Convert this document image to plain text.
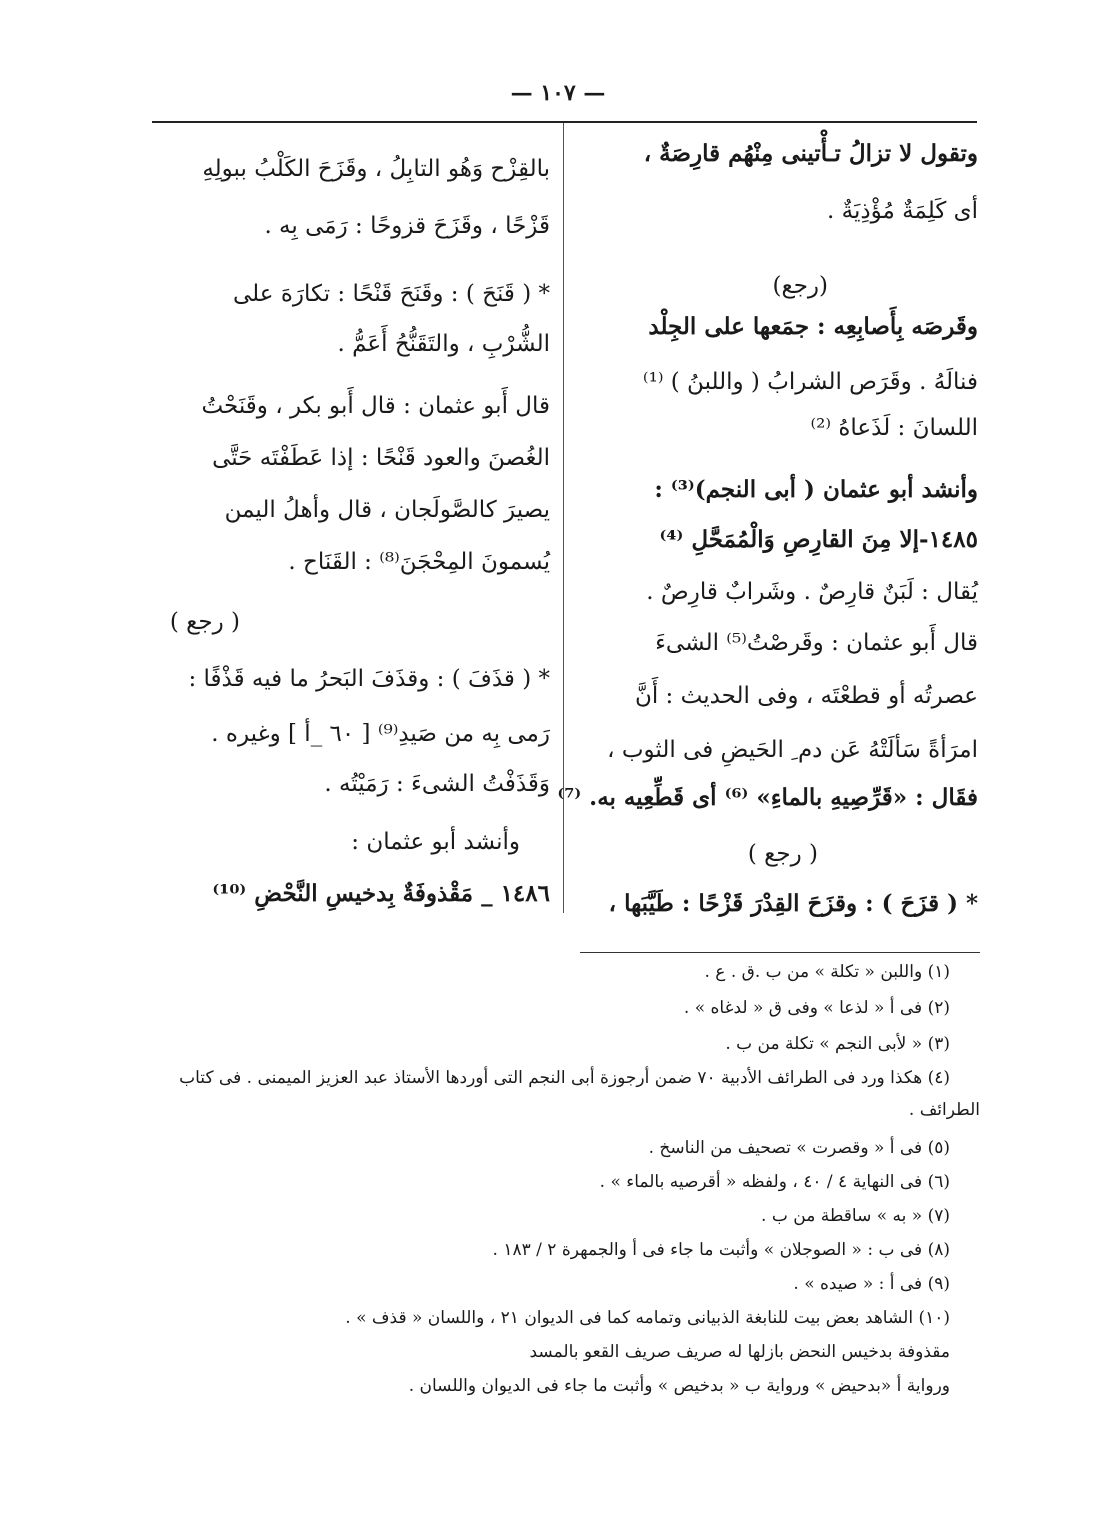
— ١٠٧ —
وتقول لا تزالُ تـأْتينى مِنْهُم قارِصَةٌ ،
أى كَلِمَةٌ مُؤْذِيَةٌ .
(رجع)
وقَرصَه بِأَصابِعِه : جمَعها على الجِلْد
فنالَهُ . وقَرَص الشرابُ ( واللبنُ ) ⁽¹⁾
اللسانَ : لَذَعاهُ ⁽²⁾
وأنشد أبو عثمان ( أبى النجم)⁽³⁾ :
١٤٨٥-إلا مِنَ القارِصِ وَالْمُمَحَّلِ ⁽⁴⁾
يُقال : لَبَنٌ قارِصٌ . وشَرابٌ قارِصٌ .
قال أَبو عثمان : وقَرصْتُ⁽⁵⁾ الشىءَ
عصرتُه أو قطعْتَه ، وفى الحديث : أَنَّ
امرَأةً سَألَتْهُ عَن دم ِ الحَيضِ فى الثوب ،
فقَال : «قَرِّصِيهِ بالماءِ» ⁽⁶⁾ أى قَطِّعِيه به. ⁽⁷⁾
( رجع )
* ( قزَحَ ) : وقزَحَ القِدْرَ قَزْحًا : طَيَّبَها ،
بالقِزْح وَهُو التابِلُ ، وقَزَحَ الكَلْبُ ببولِهِ
قَزْحًا ، وقَزَحَ قزوحًا : رَمَى بِه .
* ( قَنَحَ ) : وقَنَحَ قَنْحًا : تكارَهَ على
الشُّرْبِ ، والتَقَنُّحُ أَعَمُّ .
قال أَبو عثمان : قال أَبو بكر ، وقَنَحْتُ
الغُصنَ والعود قَنْحًا : إذا عَطَفْتَه حَتَّى
يصيرَ كالصَّولَجان ، قال وأهلُ اليمن
يُسمونَ المِحْجَنَ⁽⁸⁾ : القَنَاح .
( رجع )
* ( قذَفَ ) : وقذَفَ البَحرُ ما فيه قَذْفًا :
رَمى بِه من صَيدِ⁽⁹⁾ [ ٦٠ _أ ] وغيره .
وَقَذَفْتُ الشىءَ : رَمَيْتُه .
وأنشد أبو عثمان :
١٤٨٦ _ مَقْذوفَةٌ بِدخيسِ النَّحْضِ ⁽¹⁰⁾
(١) واللبن « تكلة » من ب .ق . ع .
(٢) فى أ « لذعا » وفى ق « لدغاه » .
(٣) « لأبى النجم » تكلة من ب .
(٤) هكذا ورد فى الطرائف الأدبية ٧٠ ضمن أرجوزة أبى النجم التى أوردها الأستاذ عبد العزيز الميمنى . فى كتاب
الطرائف .
(٥) فى أ « وقصرت » تصحيف من الناسخ .
(٦) فى النهاية ٤ / ٤٠ ، ولفظه « أقرصيه بالماء » .
(٧) « به » ساقطة من ب .
(٨) فى ب : « الصوجلان » وأثبت ما جاء فى أ والجمهرة ٢ / ١٨٣ .
(٩) فى أ : « صيده » .
(١٠) الشاهد بعض بيت للنابغة الذبيانى وتمامه كما فى الديوان ٢١ ، واللسان « قذف » .
مقذوفة بدخيس النحض بازلها له صريف صريف القعو بالمسد
ورواية أ «بدحيض » ورواية ب « بدخيص » وأثبت ما جاء فى الديوان واللسان .
